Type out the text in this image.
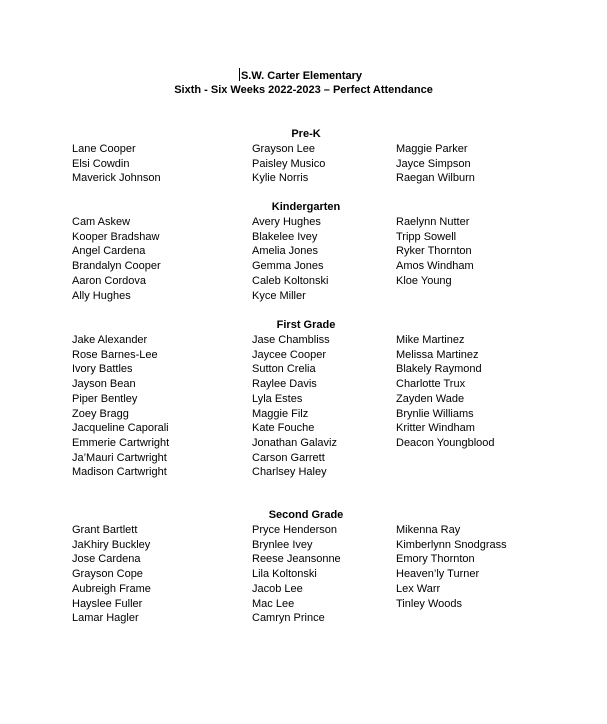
S.W. Carter Elementary
Sixth - Six Weeks 2022-2023 – Perfect Attendance
Pre-K
Lane Cooper
Elsi Cowdin
Maverick Johnson
Grayson Lee
Paisley Musico
Kylie Norris
Maggie Parker
Jayce Simpson
Raegan Wilburn
Kindergarten
Cam Askew
Kooper Bradshaw
Angel Cardena
Brandalyn Cooper
Aaron Cordova
Ally Hughes
Avery Hughes
Blakelee Ivey
Amelia Jones
Gemma Jones
Caleb Koltonski
Kyce Miller
Raelynn Nutter
Tripp Sowell
Ryker Thornton
Amos Windham
Kloe Young
First Grade
Jake Alexander
Rose Barnes-Lee
Ivory Battles
Jayson Bean
Piper Bentley
Zoey Bragg
Jacqueline Caporali
Emmerie Cartwright
Ja’Mauri Cartwright
Madison Cartwright
Jase Chambliss
Jaycee Cooper
Sutton Crelia
Raylee Davis
Lyla Estes
Maggie Filz
Kate Fouche
Jonathan Galaviz
Carson Garrett
Charlsey Haley
Mike Martinez
Melissa Martinez
Blakely Raymond
Charlotte Trux
Zayden Wade
Brynlie Williams
Kritter Windham
Deacon Youngblood
Second Grade
Grant Bartlett
JaKhiry Buckley
Jose Cardena
Grayson Cope
Aubreigh Frame
Hayslee Fuller
Lamar Hagler
Pryce Henderson
Brynlee Ivey
Reese Jeansonne
Lila Koltonski
Jacob Lee
Mac Lee
Camryn Prince
Mikenna Ray
Kimberlynn Snodgrass
Emory Thornton
Heaven’ly Turner
Lex Warr
Tinley Woods
